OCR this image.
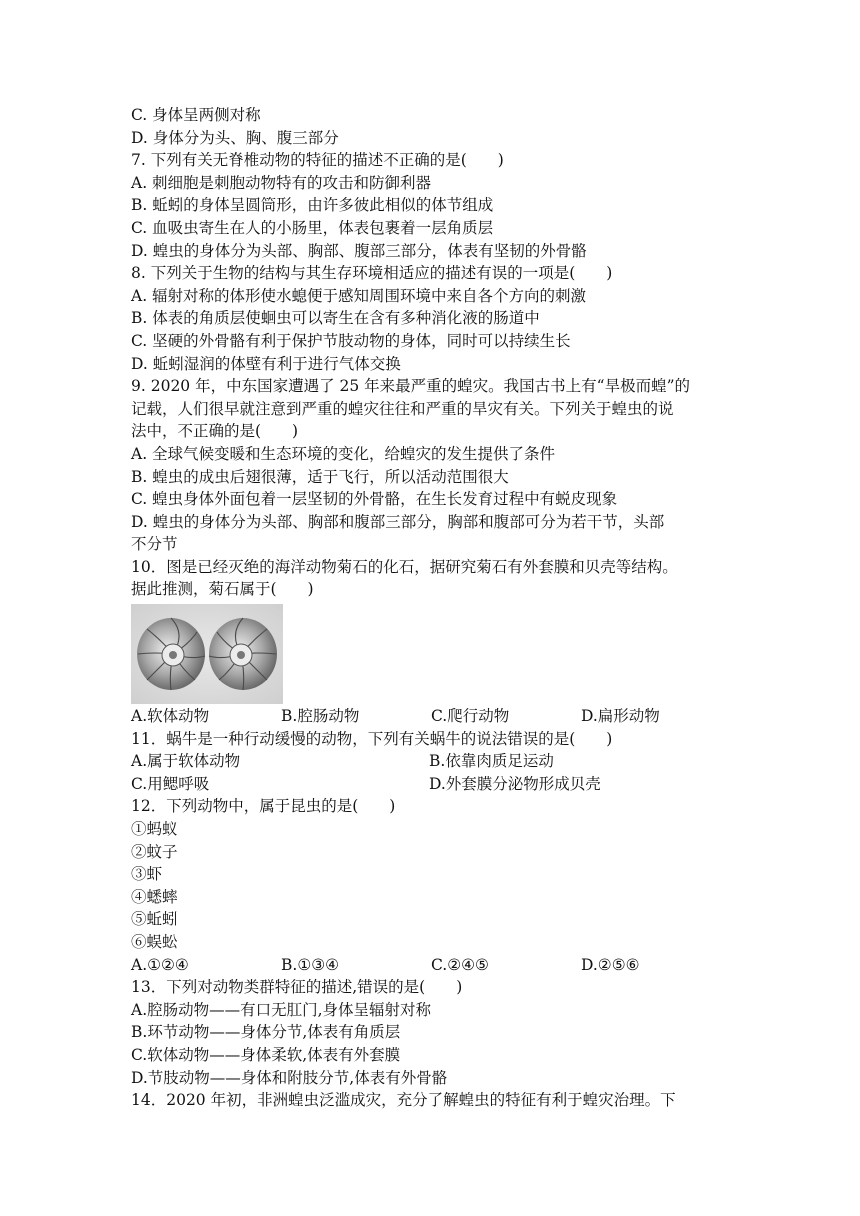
C. 身体呈两侧对称
D. 身体分为头、胸、腹三部分
7. 下列有关无脊椎动物的特征的描述不正确的是(　　)
A. 刺细胞是刺胞动物特有的攻击和防御利器
B. 蚯蚓的身体呈圆筒形，由许多彼此相似的体节组成
C. 血吸虫寄生在人的小肠里，体表包裹着一层角质层
D. 蝗虫的身体分为头部、胸部、腹部三部分，体表有坚韧的外骨骼
8. 下列关于生物的结构与其生存环境相适应的描述有误的一项是(　　)
A. 辐射对称的体形使水螅便于感知周围环境中来自各个方向的刺激
B. 体表的角质层使蛔虫可以寄生在含有多种消化液的肠道中
C. 坚硬的外骨骼有利于保护节肢动物的身体，同时可以持续生长
D. 蚯蚓湿润的体壁有利于进行气体交换
9. 2020 年，中东国家遭遇了 25 年来最严重的蝗灾。我国古书上有“旱极而蝗”的
记载，人们很早就注意到严重的蝗灾往往和严重的旱灾有关。下列关于蝗虫的说
法中，不正确的是(　　)
A. 全球气候变暖和生态环境的变化，给蝗灾的发生提供了条件
B. 蝗虫的成虫后翅很薄，适于飞行，所以活动范围很大
C. 蝗虫身体外面包着一层坚韧的外骨骼，在生长发育过程中有蜕皮现象
D. 蝗虫的身体分为头部、胸部和腹部三部分，胸部和腹部可分为若干节，头部
不分节
10．图是已经灭绝的海洋动物菊石的化石，据研究菊石有外套膜和贝壳等结构。
据此推测，菊石属于(　　)
A.软体动物	B.腔肠动物	C.爬行动物	D.扁形动物
11．蜗牛是一种行动缓慢的动物，下列有关蜗牛的说法错误的是(　　)
A.属于软体动物	B.依靠肉质足运动
C.用鳃呼吸	D.外套膜分泌物形成贝壳
12．下列动物中，属于昆虫的是(　　)
①蚂蚁
②蚊子
③虾
④蟋蟀
⑤蚯蚓
⑥蜈蚣
A.①②④	B.①③④	C.②④⑤	D.②⑤⑥
13．下列对动物类群特征的描述,错误的是(　　)
A.腔肠动物——有口无肛门,身体呈辐射对称
B.环节动物——身体分节,体表有角质层
C.软体动物——身体柔软,体表有外套膜
D.节肢动物——身体和附肢分节,体表有外骨骼
14．2020 年初，非洲蝗虫泛滥成灾，充分了解蝗虫的特征有利于蝗灾治理。下
